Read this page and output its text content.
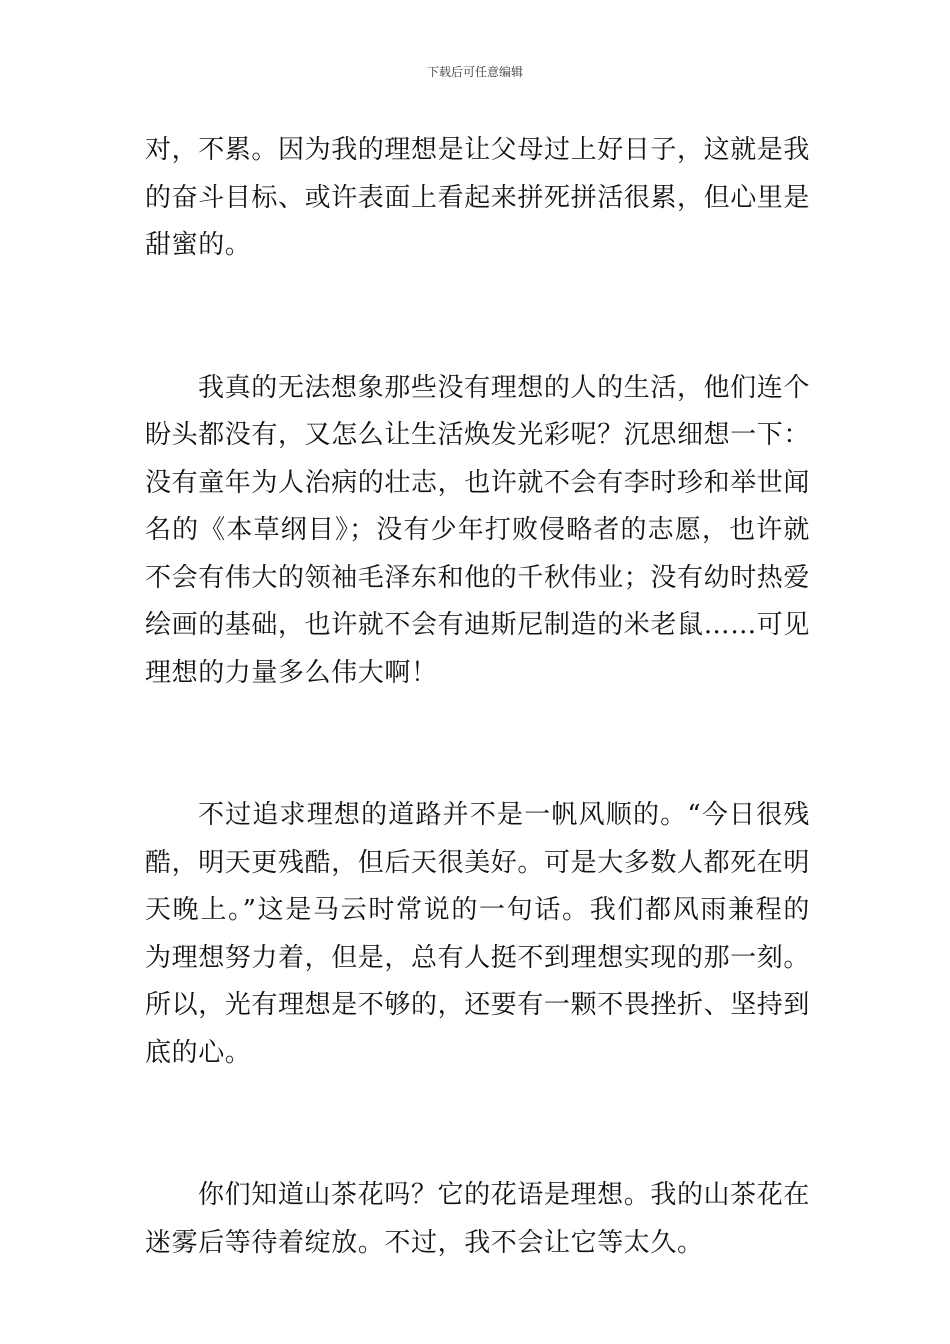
下载后可任意编辑

对，不累。因为我的理想是让父母过上好日子，这就是我的奋斗目标、或许表面上看起来拼死拼活很累，但心里是甜蜜的。

我真的无法想象那些没有理想的人的生活，他们连个盼头都没有，又怎么让生活焕发光彩呢？沉思细想一下：没有童年为人治病的壮志，也许就不会有李时珍和举世闻名的《本草纲目》；没有少年打败侵略者的志愿，也许就不会有伟大的领袖毛泽东和他的千秋伟业；没有幼时热爱绘画的基础，也许就不会有迪斯尼制造的米老鼠……可见理想的力量多么伟大啊！

不过追求理想的道路并不是一帆风顺的。“今日很残酷，明天更残酷，但后天很美好。可是大多数人都死在明天晚上。”这是马云时常说的一句话。我们都风雨兼程的为理想努力着，但是，总有人挺不到理想实现的那一刻。所以，光有理想是不够的，还要有一颗不畏挫折、坚持到底的心。

你们知道山茶花吗？它的花语是理想。我的山茶花在迷雾后等待着绽放。不过，我不会让它等太久。
